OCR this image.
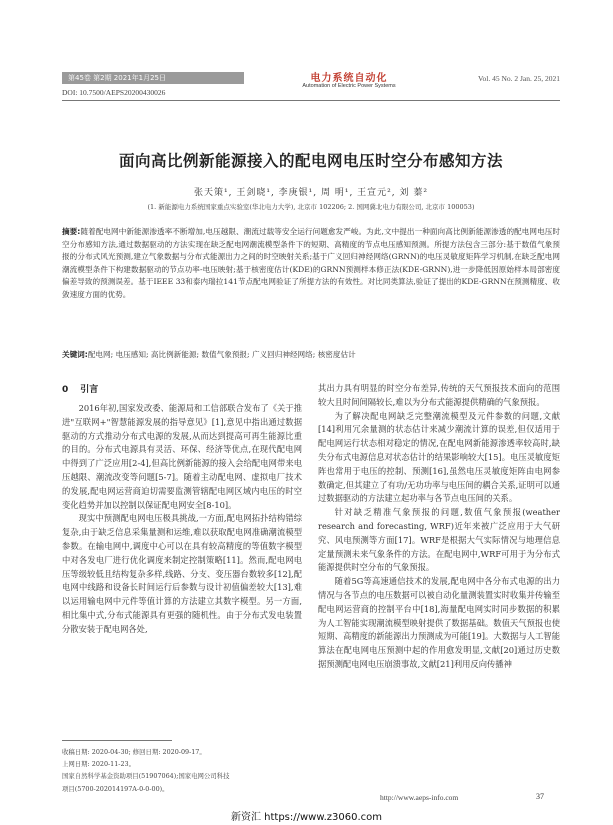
第45卷 第2期 2021年1月25日	电力系统自动化
Automation of Electric Power Systems
Vol. 45 No. 2 Jan. 25, 2021
DOI: 10.7500/AEPS20200430026
面向高比例新能源接入的配电网电压时空分布感知方法
张天策¹, 王剑晓¹, 李庚银¹, 周 明¹, 王宣元², 刘 蓁²
(1. 新能源电力系统国家重点实验室(华北电力大学), 北京市 102206; 2. 国网冀北电力有限公司, 北京市 100053)
摘要:随着配电网中新能源渗透率不断增加,电压越限、潮流过载等安全运行问题愈发严峻。为此,文中提出一种面向高比例新能源渗透的配电网电压时空分布感知方法,通过数据驱动的方法实现在缺乏配电网潮流模型条件下的短期、高精度的节点电压感知预测。所提方法包含三部分:基于数值气象预报的分布式风光预测,建立气象数据与分布式能源出力之间的时空映射关系;基于广义回归神经网络(GRNN)的电压灵敏度矩阵学习机制,在缺乏配电网潮流模型条件下构建数据驱动的节点功率-电压映射;基于核密度估计(KDE)的GRNN预测样本修正法(KDE-GRNN),进一步降低因原始样本局部密度偏差导致的预测误差。基于IEEE 33和泰内瑞拉141节点配电网验证了所提方法的有效性。对比同类算法,验证了提出的KDE-GRNN在预测精度、收敛速度方面的优势。
关键词:配电网; 电压感知; 高比例新能源; 数值气象预报; 广义回归神经网络; 核密度估计
0 引言

2016年初,国家发改委、能源局和工信部联合发布了《关于推进"互联网+"智慧能源发展的指导意见》[1],意见中指出通过数据驱动的方式推动分布式电源的发展,从而达到提高可再生能源比重的目的。分布式电源具有灵活、环保、经济等优点,在现代配电网中得到了广泛应用[2-4],但高比例新能源的接入会给配电网带来电压越限、潮流改变等问题[5-7]。随着主动配电网、虚拟电厂技术的发展,配电网运营商迫切需要监测管辖配电网区域内电压的时空变化趋势并加以控制以保证配电网安全[8-10]。

现实中预测配电网电压极具挑战,一方面,配电网拓扑结构错综复杂,由于缺乏信息采集量测和运维,难以获取配电网准确潮流模型参数。在输电网中,调度中心可以在具有较高精度的等值数字模型中对各发电厂进行优化调度来制定控制策略[11]。然而,配电网电压等级较低且结构复杂多样,线路、分支、变压器台数较多[12],配电网中线路和设备长时间运行后参数与设计初值偏差较大[13],难以运用输电网中元件等值计算的方法建立其数字模型。另一方面,相比集中式,分布式能源具有更强的随机性。由于分布式发电装置分散安装于配电网各处,

其出力具有明显的时空分布差异,传统的天气预报技术面向的范围较大且时间间隔较长,难以为分布式能源提供精确的气象预报。

为了解决配电网缺乏完整潮流模型及元件参数的问题,文献[14]利用冗余量测的状态估计来减少潮流计算的误差,但仅适用于配电网运行状态相对稳定的情况,在配电网新能源渗透率较高时,缺失分布式电源信息对状态估计的结果影响较大[15]。电压灵敏度矩阵也常用于电压的控制、预测[16],虽然电压灵敏度矩阵由电网参数确定,但其建立了有功/无功功率与电压间的耦合关系,证明可以通过数据驱动的方法建立起功率与各节点电压间的关系。

针对缺乏精准气象预报的问题,数值气象预报(weather research and forecasting, WRF)近年来被广泛应用于大气研究、风电预测等方面[17]。WRF是根据大气实际情况与地理信息定量预测未来气象条件的方法。在配电网中,WRF可用于为分布式能源提供时空分布的气象预报。

随着5G等高速通信技术的发展,配电网中各分布式电源的出力情况与各节点的电压数据可以被自动化量测装置实时收集并传输至配电网运营商的控制平台中[18],海量配电网实时同步数据的积累为人工智能实现潮流模型映射提供了数据基础。数值天气预报也使短期、高精度的新能源出力预测成为可能[19]。大数据与人工智能算法在配电网电压预测中起的作用愈发明显,文献[20]通过历史数据预测配电网电压崩溃事故,文献[21]利用反向传播神

收稿日期: 2020-04-30; 修回日期: 2020-09-17。
上网日期: 2020-11-23。
国家自然科学基金资助项目(51907064);国家电网公司科技
项目(5700-202014197A-0-0-00)。
http://www.aeps-info.com	37
新资汇 https://www.z3060.com
